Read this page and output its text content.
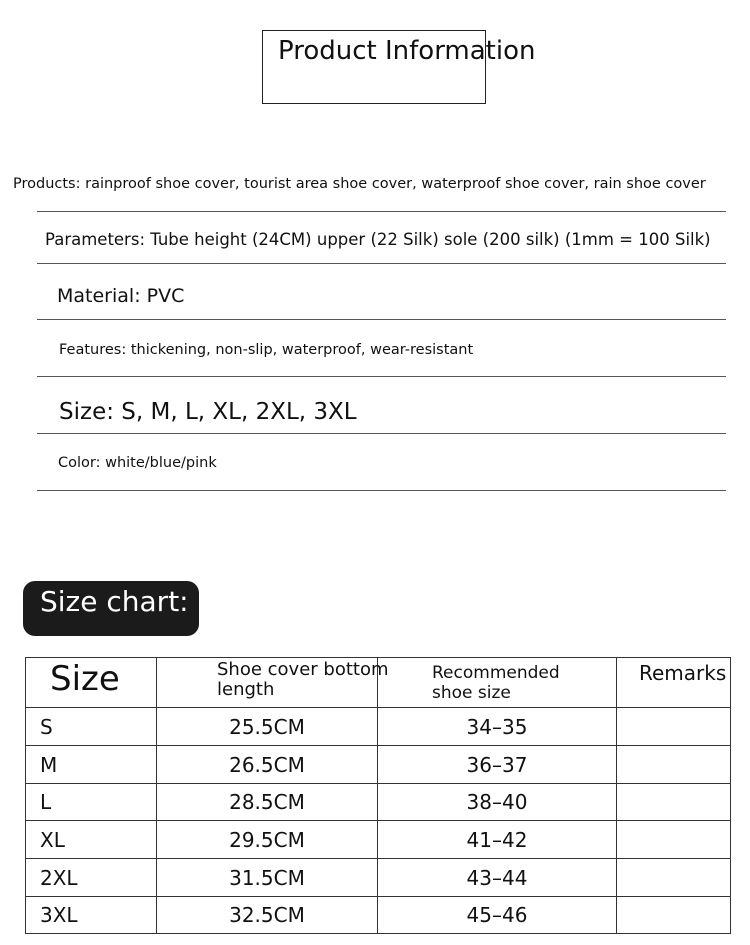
Product Information
Products: rainproof shoe cover, tourist area shoe cover, waterproof shoe cover, rain shoe cover
Parameters: Tube height (24CM) upper (22 Silk) sole (200 silk) (1mm = 100 Silk)
Material: PVC
Features: thickening, non-slip, waterproof, wear-resistant
Size: S, M, L, XL, 2XL, 3XL
Color: white/blue/pink
Size chart:
Size	Shoe cover bottom length	Recommended shoe size	Remarks

S	25.5CM	34–35	
M	26.5CM	36–37	
L	28.5CM	38–40	
XL	29.5CM	41–42	
2XL	31.5CM	43–44	
3XL	32.5CM	45–46	
